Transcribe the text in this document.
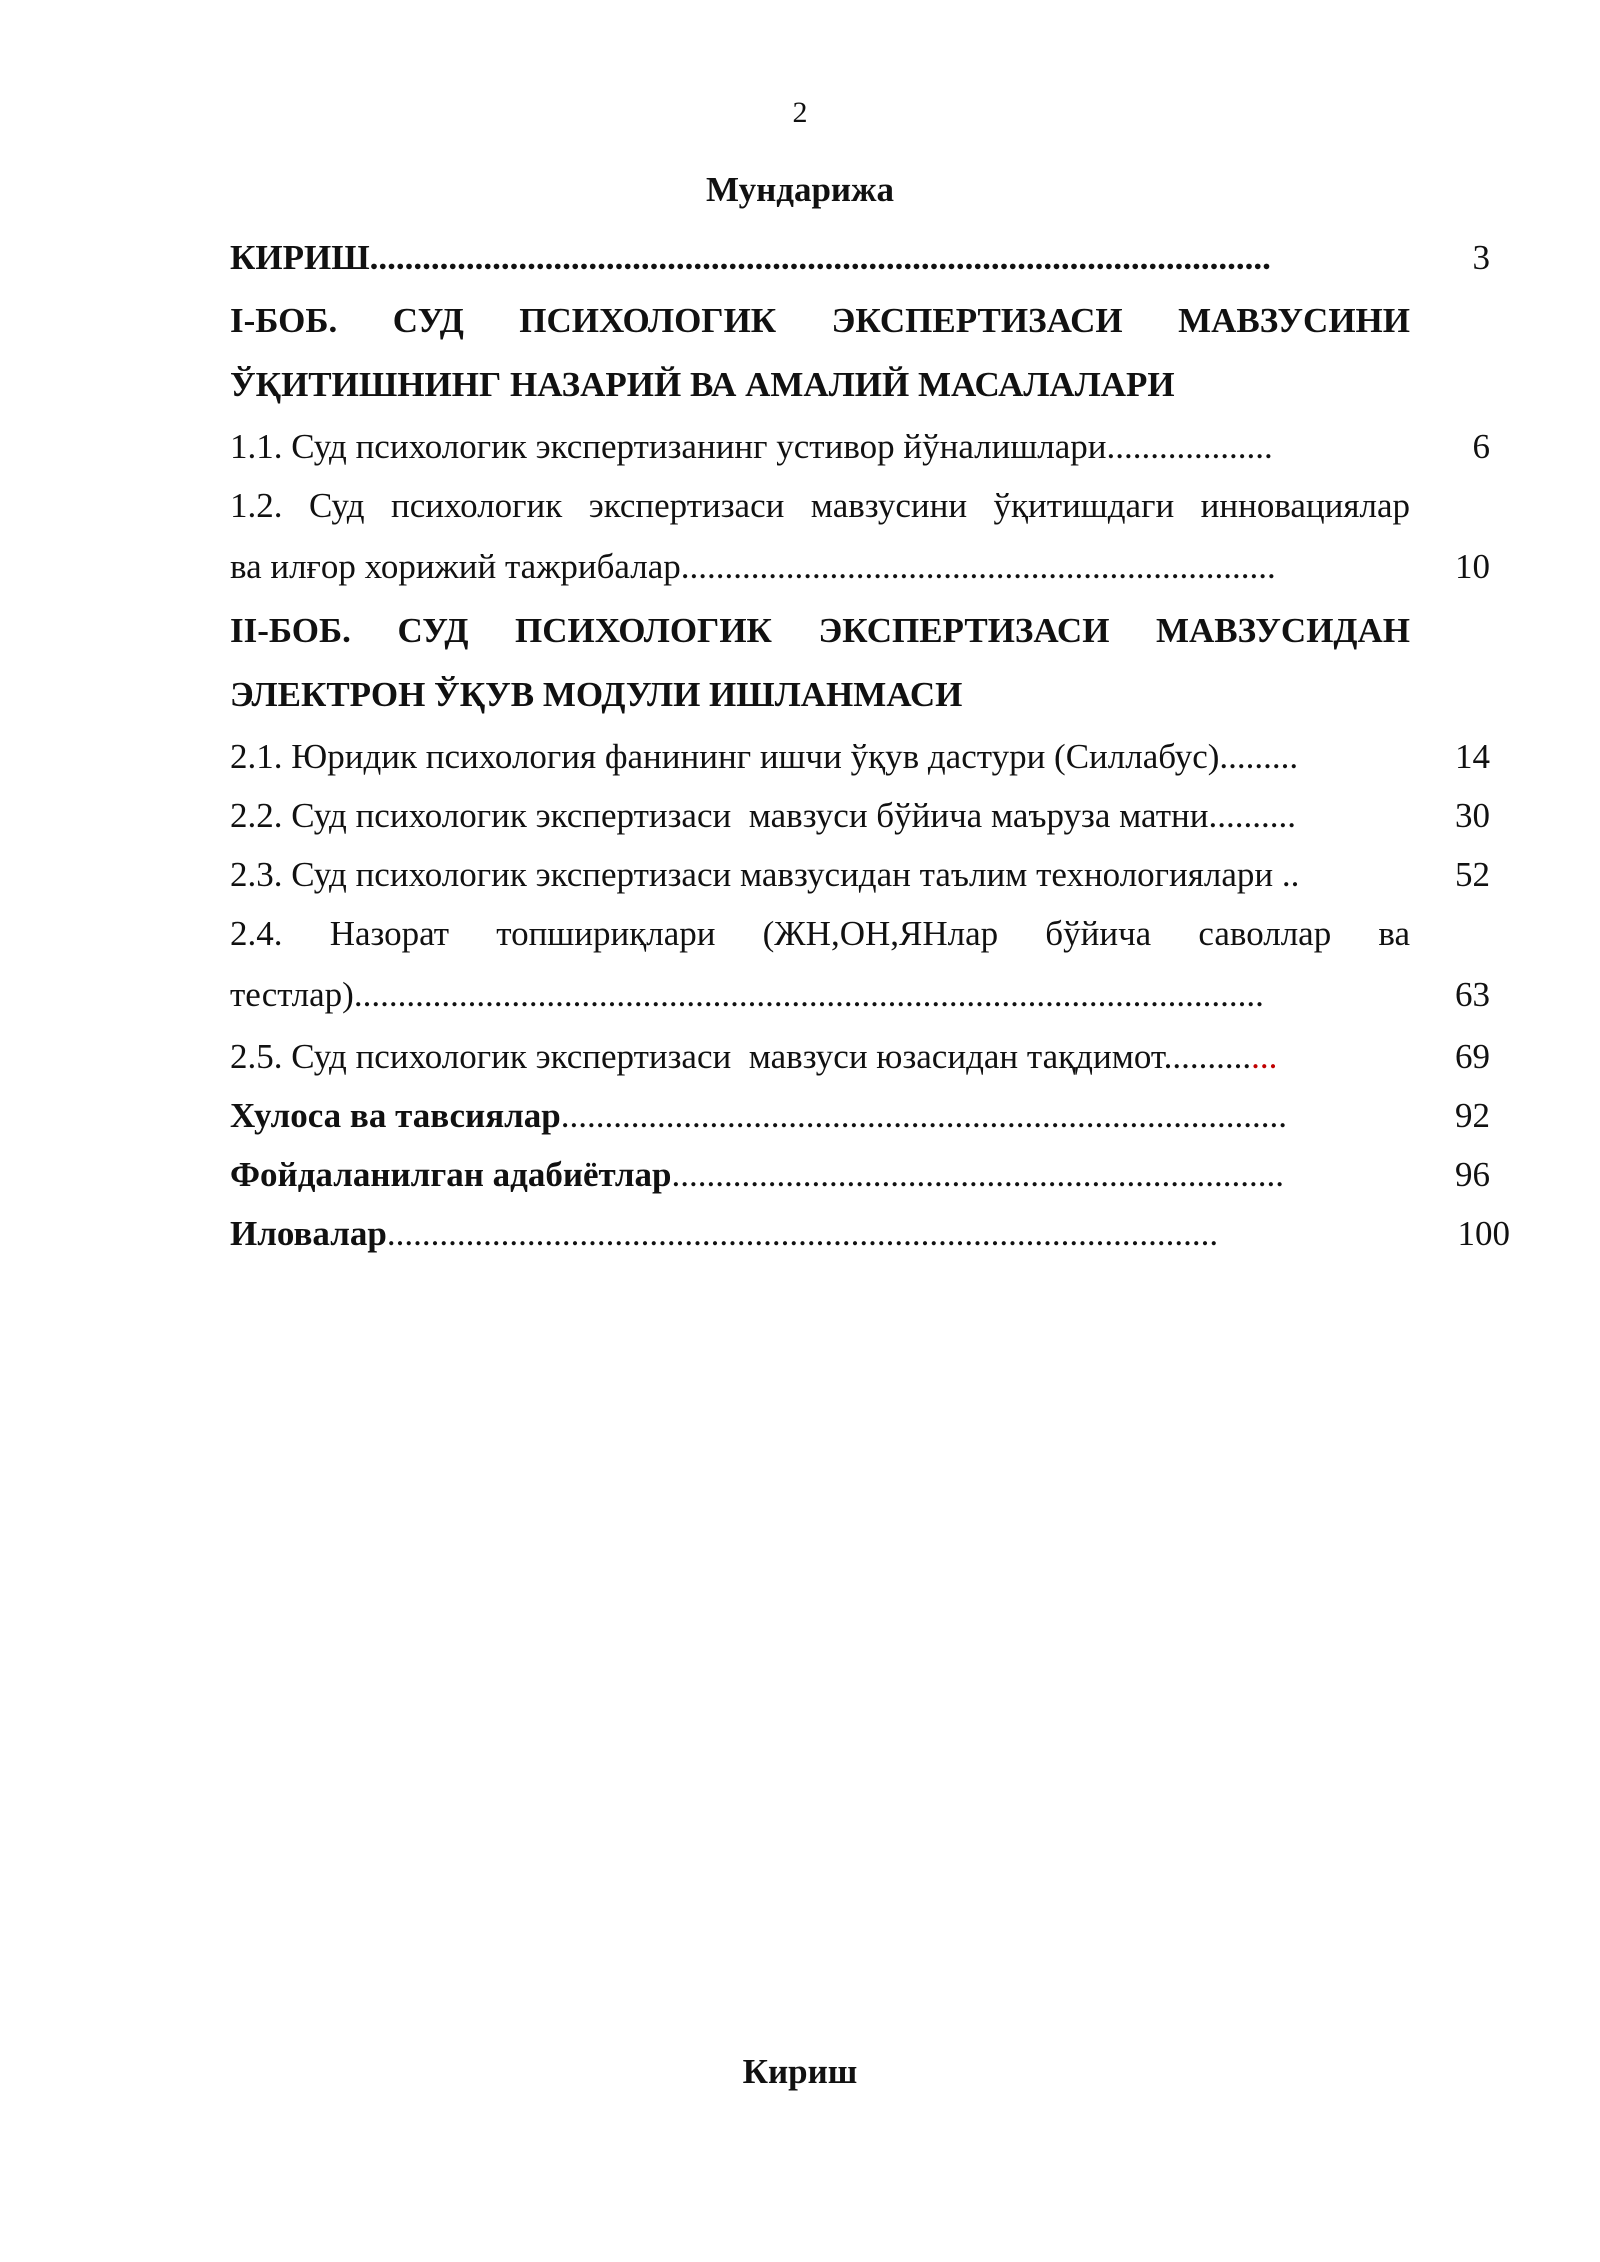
2
Мундарижа
3
КИРИШ.......................................................................................................
I-БОБ. СУД ПСИХОЛОГИК ЭКСПЕРТИЗАСИ МАВЗУСИНИ
ЎҚИТИШНИНГ НАЗАРИЙ ВА АМАЛИЙ МАСАЛАЛАРИ
6
1.1. Суд психологик экспертизанинг устивор йўналишлари...................
1.2. Суд психологик экспертизаси мавзусини ўқитишдаги инновациялар
10
ва илғор хорижий тажрибалар....................................................................
II-БОБ. СУД ПСИХОЛОГИК ЭКСПЕРТИЗАСИ МАВЗУСИДАН
ЭЛЕКТРОН ЎҚУВ МОДУЛИ ИШЛАНМАСИ
14
2.1. Юридик психология фанининг ишчи ўқув дастури (Силлабус).........
30
2.2. Суд психологик экспертизаси  мавзуси бўйича маъруза матни..........
52
2.3. Суд психологик экспертизаси мавзусидан таълим технологиялари ..
2.4. Назорат топшириқлари (ЖН,ОН,ЯНлар бўйича саволлар ва
63
тестлар)........................................................................................................
69
2.5. Суд психологик экспертизаси  мавзуси юзасидан тақдимот.............
92
Хулоса ва тавсиялар...................................................................................
96
Фойдаланилган адабиётлар......................................................................
100
Иловалар...............................................................................................
Кириш
